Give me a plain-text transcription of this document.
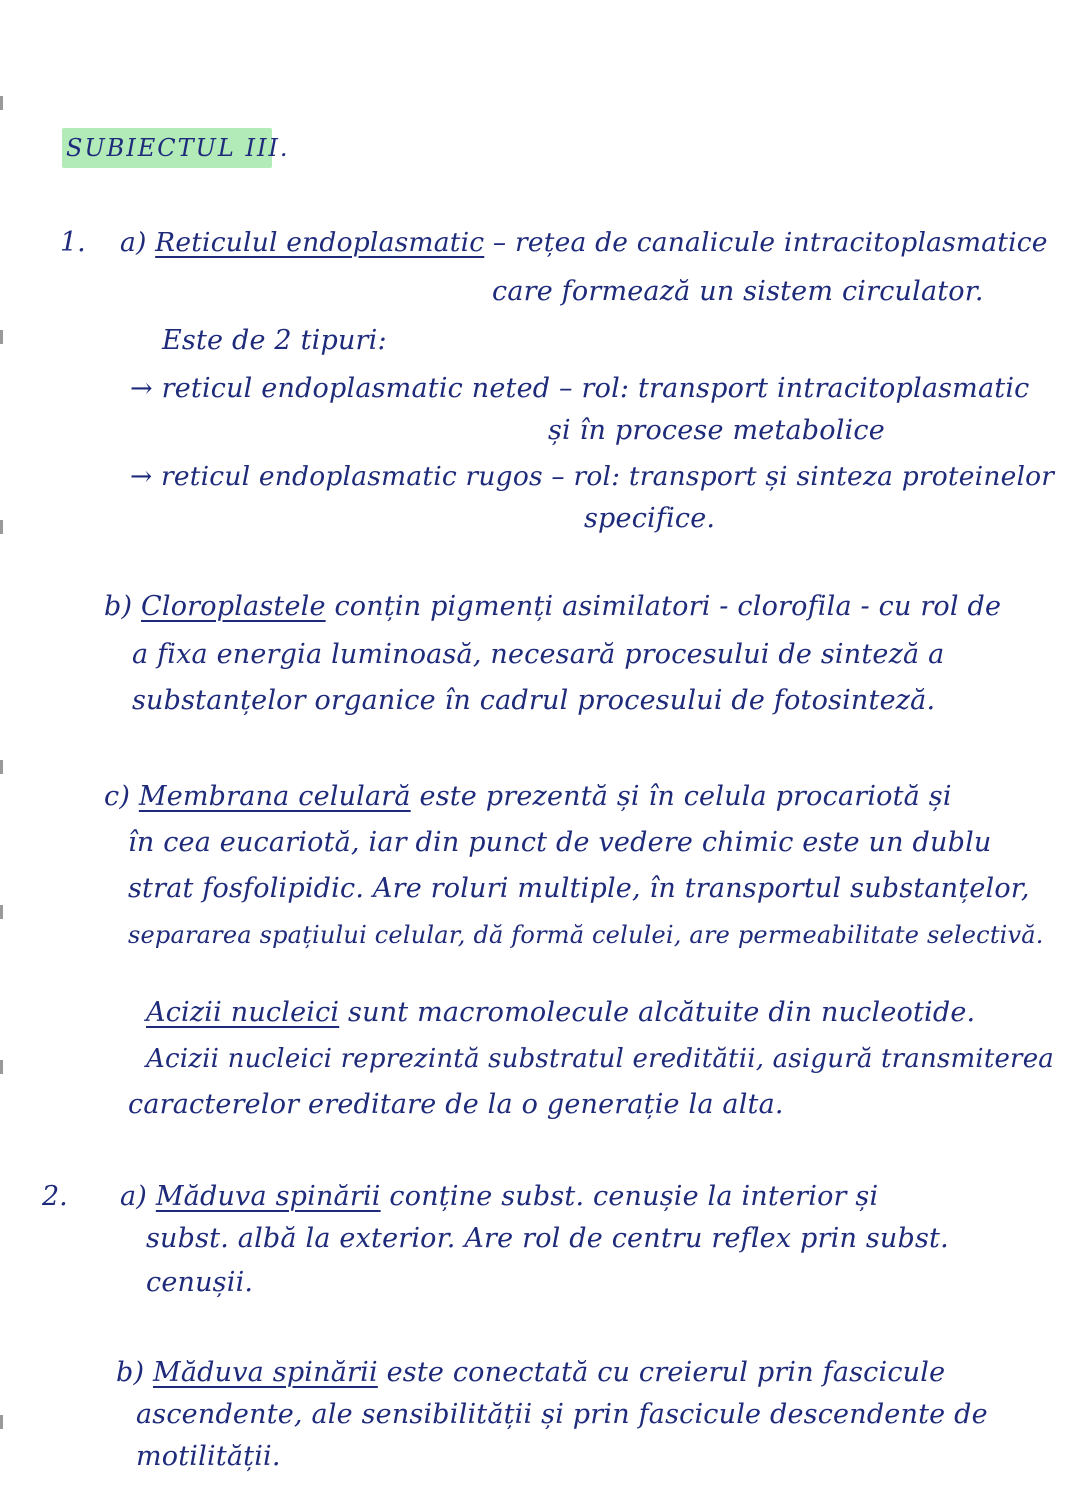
SUBIECTUL III.
1. a) Reticulul endoplasmatic – rețea de canalicule intracitoplasmatice
care formează un sistem circulator.
Este de 2 tipuri:
→ reticul endoplasmatic neted – rol: transport intracitoplasmatic
și în procese metabolice
→ reticul endoplasmatic rugos – rol: transport și sinteza proteinelor
specifice.
b) Cloroplastele conțin pigmenți asimilatori - clorofila - cu rol de
a fixa energia luminoasă, necesară procesului de sinteză a
substanțelor organice în cadrul procesului de fotosinteză.
c) Membrana celulară este prezentă și în celula procariotă și
în cea eucariotă, iar din punct de vedere chimic este un dublu
strat fosfolipidic. Are roluri multiple, în transportul substanțelor,
separarea spațiului celular, dă formă celulei, are permeabilitate selectivă.
Acizii nucleici sunt macromolecule alcătuite din nucleotide.
Acizii nucleici reprezintă substratul ereditătii, asigură transmiterea
caracterelor ereditare de la o generație la alta.
2. a) Măduva spinării conține subst. cenușie la interior și
subst. albă la exterior. Are rol de centru reflex prin subst.
cenușii.
b) Măduva spinării este conectată cu creierul prin fascicule
ascendente, ale sensibilității și prin fascicule descendente de
motilității.
